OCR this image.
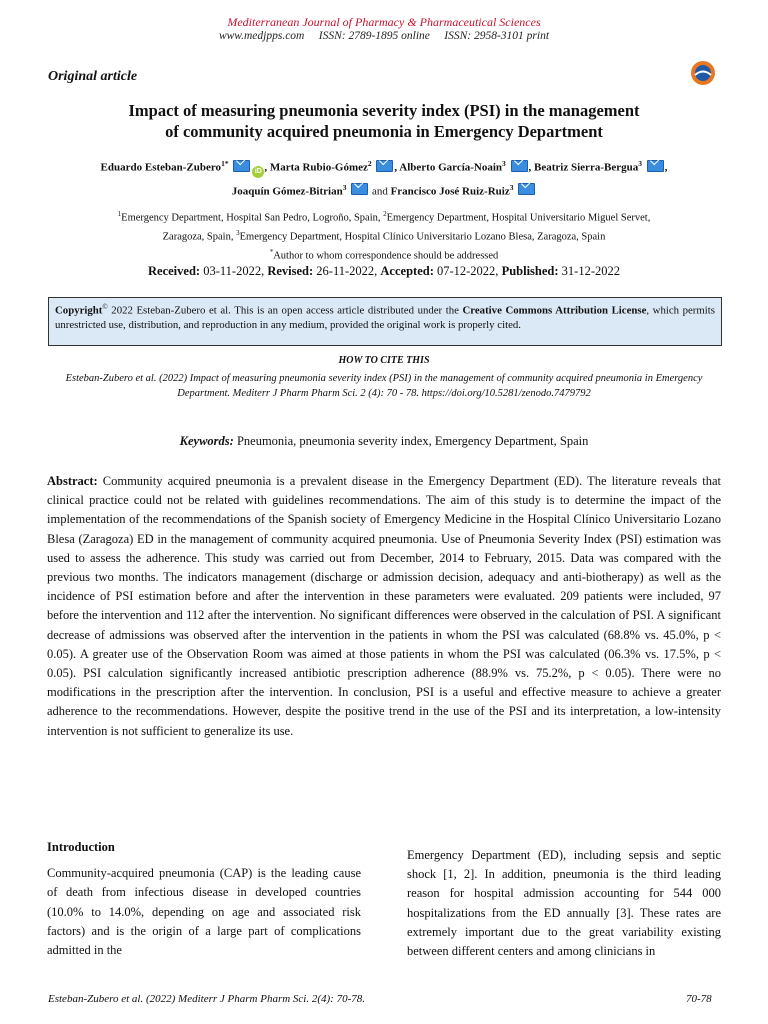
Mediterranean Journal of Pharmacy & Pharmaceutical Sciences
www.medjpps.com ISSN: 2789-1895 online ISSN: 2958-3101 print
Original article
Impact of measuring pneumonia severity index (PSI) in the management
of community acquired pneumonia in Emergency Department
Eduardo Esteban-Zubero$^{1*}$ iD , Marta Rubio-Gómez$^2$ , Alberto García-Noain$^3$ , Beatriz Sierra-Bergua$^3$ ,
Joaquín Gómez-Bitrian$^3$ and Francisco José Ruiz-Ruiz$^3$
$^1$Emergency Department, Hospital San Pedro, Logroño, Spain, $^2$Emergency Department, Hospital Universitario Miguel Servet,
Zaragoza, Spain, $^3$Emergency Department, Hospital Clínico Universitario Lozano Blesa, Zaragoza, Spain
*Author to whom correspondence should be addressed
Received: 03-11-2022, Revised: 26-11-2022, Accepted: 07-12-2022, Published: 31-12-2022
Copyright© 2022 Esteban-Zubero et al. This is an open access article distributed under the Creative Commons Attribution License, which permits unrestricted use, distribution, and reproduction in any medium, provided the original work is properly cited.
HOW TO CITE THIS
Esteban-Zubero et al. (2022) Impact of measuring pneumonia severity index (PSI) in the management of community acquired pneumonia in Emergency Department. Mediterr J Pharm Pharm Sci. 2 (4): 70 - 78. https://doi.org/10.5281/zenodo.7479792
Keywords: Pneumonia, pneumonia severity index, Emergency Department, Spain
Abstract: Community acquired pneumonia is a prevalent disease in the Emergency Department (ED). The literature reveals that clinical practice could not be related with guidelines recommendations. The aim of this study is to determine the impact of the implementation of the recommendations of the Spanish society of Emergency Medicine in the Hospital Clínico Universitario Lozano Blesa (Zaragoza) ED in the management of community acquired pneumonia. Use of Pneumonia Severity Index (PSI) estimation was used to assess the adherence. This study was carried out from December, 2014 to February, 2015. Data was compared with the previous two months. The indicators management (discharge or admission decision, adequacy and anti-biotherapy) as well as the incidence of PSI estimation before and after the intervention in these parameters were evaluated. 209 patients were included, 97 before the intervention and 112 after the intervention. No significant differences were observed in the calculation of PSI. A significant decrease of admissions was observed after the intervention in the patients in whom the PSI was calculated (68.8% vs. 45.0%, p < 0.05). A greater use of the Observation Room was aimed at those patients in whom the PSI was calculated (06.3% vs. 17.5%, p < 0.05). PSI calculation significantly increased antibiotic prescription adherence (88.9% vs. 75.2%, p < 0.05). There were no modifications in the prescription after the intervention. In conclusion, PSI is a useful and effective measure to achieve a greater adherence to the recommendations. However, despite the positive trend in the use of the PSI and its interpretation, a low-intensity intervention is not sufficient to generalize its use.
Introduction
Community-acquired pneumonia (CAP) is the leading cause of death from infectious disease in developed countries (10.0% to 14.0%, depending on age and associated risk factors) and is the origin of a large part of complications admitted in the
Emergency Department (ED), including sepsis and septic shock [1, 2]. In addition, pneumonia is the third leading reason for hospital admission accounting for 544 000 hospitalizations from the ED annually [3]. These rates are extremely important due to the great variability existing between different centers and among clinicians in
Esteban-Zubero et al. (2022) Mediterr J Pharm Pharm Sci. 2(4): 70-78.	70-78
